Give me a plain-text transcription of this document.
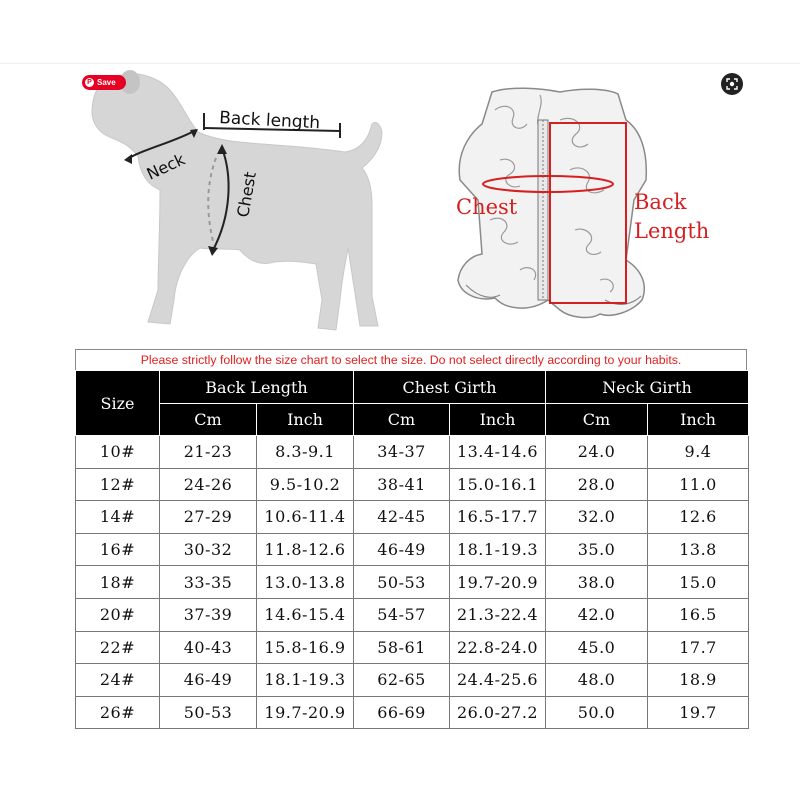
Back length
Neck
Chest	Chest	Back
Length
P Save
Please strictly follow the size chart to select the size. Do not select directly according to your habits.
Size	Back Length		Chest Girth		Neck Girth	
	Cm	Inch	Cm	Inch	Cm	Inch
10#	21-23	8.3-9.1	34-37	13.4-14.6	24.0	9.4
12#	24-26	9.5-10.2	38-41	15.0-16.1	28.0	11.0
14#	27-29	10.6-11.4	42-45	16.5-17.7	32.0	12.6
16#	30-32	11.8-12.6	46-49	18.1-19.3	35.0	13.8
18#	33-35	13.0-13.8	50-53	19.7-20.9	38.0	15.0
20#	37-39	14.6-15.4	54-57	21.3-22.4	42.0	16.5
22#	40-43	15.8-16.9	58-61	22.8-24.0	45.0	17.7
24#	46-49	18.1-19.3	62-65	24.4-25.6	48.0	18.9
26#	50-53	19.7-20.9	66-69	26.0-27.2	50.0	19.7
